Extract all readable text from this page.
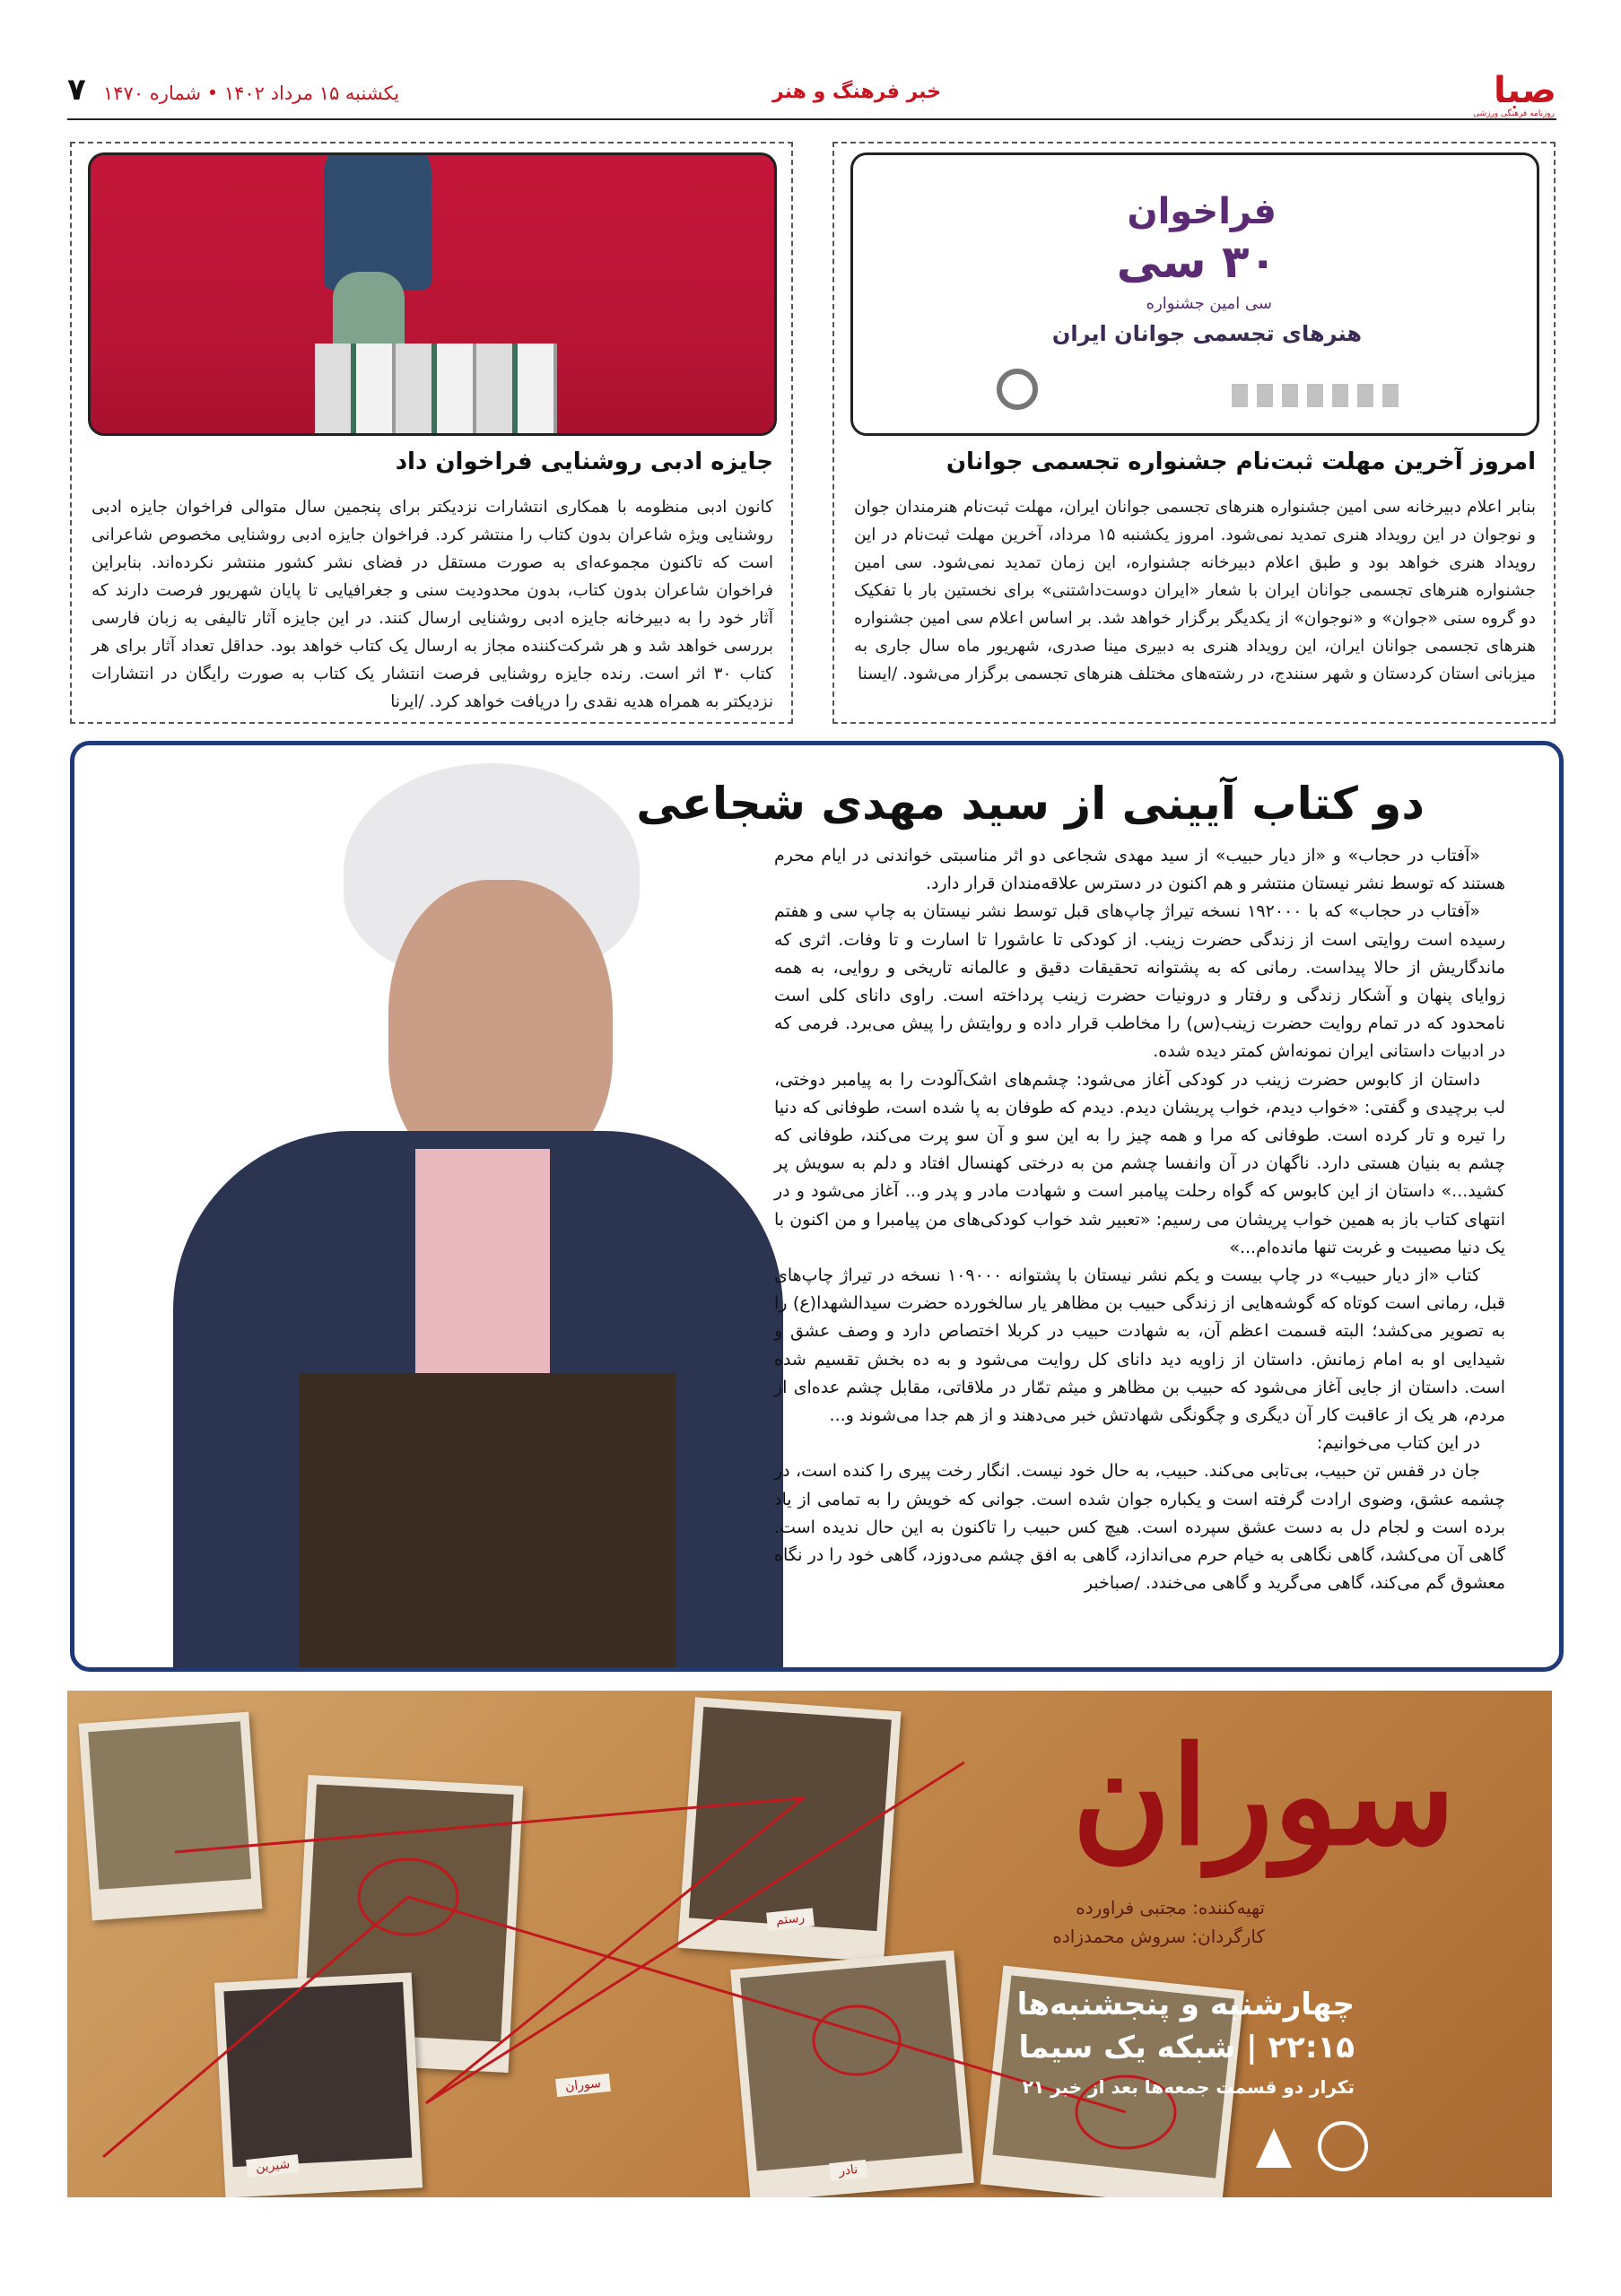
صبا
روزنامه فرهنگی ورزشی
خبر فرهنگ و هنر
یکشنبه ۱۵ مرداد ۱۴۰۲ • شماره ۱۴۷۰
۷
فراخوان
۳۰ سی
سی امین جشنواره
هنرهای تجسمی جوانان ایران
امروز آخرین مهلت ثبت‌نام جشنواره تجسمی جوانان
بنابر اعلام دبیرخانه سی امین جشنواره هنرهای تجسمی جوانان ایران، مهلت ثبت‌نام هنرمندان جوان و نوجوان در این رویداد هنری تمدید نمی‌شود. امروز یکشنبه ۱۵ مرداد، آخرین مهلت ثبت‌نام در این رویداد هنری خواهد بود و طبق اعلام دبیرخانه جشنواره، این زمان تمدید نمی‌شود. سی امین جشنواره هنرهای تجسمی جوانان ایران با شعار «ایران دوست‌داشتنی» برای نخستین بار با تفکیک دو گروه سنی «جوان» و «نوجوان» از یکدیگر برگزار خواهد شد. بر اساس اعلام سی امین جشنواره هنرهای تجسمی جوانان ایران، این رویداد هنری به دبیری مینا صدری، شهریور ماه سال جاری به میزبانی استان کردستان و شهر سنندج، در رشته‌های مختلف هنرهای تجسمی برگزار می‌شود. /ایسنا
جایزه ادبی روشنایی فراخوان داد
کانون ادبی منظومه با همکاری انتشارات نزدیکتر برای پنجمین سال متوالی فراخوان جایزه ادبی روشنایی ویژه شاعران بدون کتاب را منتشر کرد. فراخوان جایزه ادبی روشنایی مخصوص شاعرانی است که تاکنون مجموعه‌ای به صورت مستقل در فضای نشر کشور منتشر نکرده‌اند. بنابراین فراخوان شاعران بدون کتاب، بدون محدودیت سنی و جغرافیایی تا پایان شهریور فرصت دارند که آثار خود را به دبیرخانه جایزه ادبی روشنایی ارسال کنند. در این جایزه آثار تالیفی به زبان فارسی بررسی خواهد شد و هر شرکت‌کننده مجاز به ارسال یک کتاب خواهد بود. حداقل تعداد آثار برای هر کتاب ۳۰ اثر است. رنده جایزه روشنایی فرصت انتشار یک کتاب به صورت رایگان در انتشارات نزدیکتر به همراه هدیه نقدی را دریافت خواهد کرد. /ایرنا
دو کتاب آیینی از سید مهدی شجاعی

«آفتاب در حجاب» و «از دیار حبیب» از سید مهدی شجاعی دو اثر مناسبتی خواندنی در ایام محرم هستند که توسط نشر نیستان منتشر و هم اکنون در دسترس علاقه‌مندان قرار دارد.

«آفتاب در حجاب» که با ۱۹۲۰۰۰ نسخه تیراژ چاپ‌های قبل توسط نشر نیستان به چاپ سی و هفتم رسیده است روایتی است از زندگی حضرت زینب. از کودکی تا عاشورا تا اسارت و تا وفات. اثری که ماندگاریش از حالا پیداست. رمانی که به پشتوانه تحقیقات دقیق و عالمانه تاریخی و روایی، به همه زوایای پنهان و آشکار زندگی و رفتار و درونیات حضرت زینب پرداخته است. راوی دانای کلی است نامحدود که در تمام روایت حضرت زینب(س) را مخاطب قرار داده و روایتش را پیش می‌برد. فرمی که در ادبیات داستانی ایران نمونه‌اش کمتر دیده شده.

داستان از کابوس حضرت زینب در کودکی آغاز می‌شود: چشم‌های اشک‌آلودت را به پیامبر دوختی، لب برچیدی و گفتی: «خواب دیدم، خواب پریشان دیدم. دیدم که طوفان به پا شده است، طوفانی که دنیا را تیره و تار کرده است. طوفانی که مرا و همه چیز را به این سو و آن سو پرت می‌کند، طوفانی که چشم به بنیان هستی دارد. ناگهان در آن وانفسا چشم من به درختی کهنسال افتاد و دلم به سویش پر کشید...» داستان از این کابوس که گواه رحلت پیامبر است و شهادت مادر و پدر و... آغاز می‌شود و در انتهای کتاب باز به همین خواب پریشان می‌ رسیم: «تعبیر شد خواب کودکی‌های من پیامبرا و من اکنون با یک دنیا مصیبت و غربت تنها مانده‌ام...»

کتاب «از دیار حبیب» در چاپ بیست و یکم نشر نیستان با پشتوانه ۱۰۹۰۰۰ نسخه در تیراژ چاپ‌های قبل، رمانی است کوتاه که گوشه‌هایی از زندگی حبیب بن مظاهر یار سالخورده حضرت سیدالشهدا(ع) را به تصویر می‌کشد؛ البته قسمت اعظم آن، به شهادت حبیب در کربلا اختصاص دارد و وصف عشق و شیدایی او به امام زمانش. داستان از زاویه دید دانای کل روایت می‌شود و به ده بخش تقسیم شده است. داستان از جایی آغاز می‌شود که حبیب بن مظاهر و میثم تمّار در ملاقاتی، مقابل چشم عده‌ای از مردم، هر یک از عاقبت کار آن دیگری و چگونگی شهادتش خبر می‌دهند و از هم جدا می‌شوند و...

در این کتاب می‌خوانیم:

جان در قفس تن حبیب، بی‌تابی می‌کند. حبیب، به حال خود نیست. انگار رخت پیری را کنده است، در چشمه عشق، وضوی ارادت گرفته است و یکباره جوان شده است. جوانی که خویش را به تمامی از یاد برده است و لجام دل به دست عشق سپرده است. هیچ کس حبیب را تاکنون به این حال ندیده است. گاهی آن می‌کشد، گاهی نگاهی به خیام حرم می‌اندازد، گاهی به افق چشم می‌دوزد، گاهی خود را در نگاه معشوق گم می‌کند، گاهی می‌گرید و گاهی می‌خندد. /صباخبر

سوران
شیرین	نادر
رستم
سوران
تهیه‌کننده: مجتبی فراورده
کارگردان: سروش محمدزاده
چهارشنبه و پنجشنبه‌ها
۲۲:۱۵ | شبکه یک سیما
تکرار دو قسمت جمعه‌ها بعد از خبر ۲۱
